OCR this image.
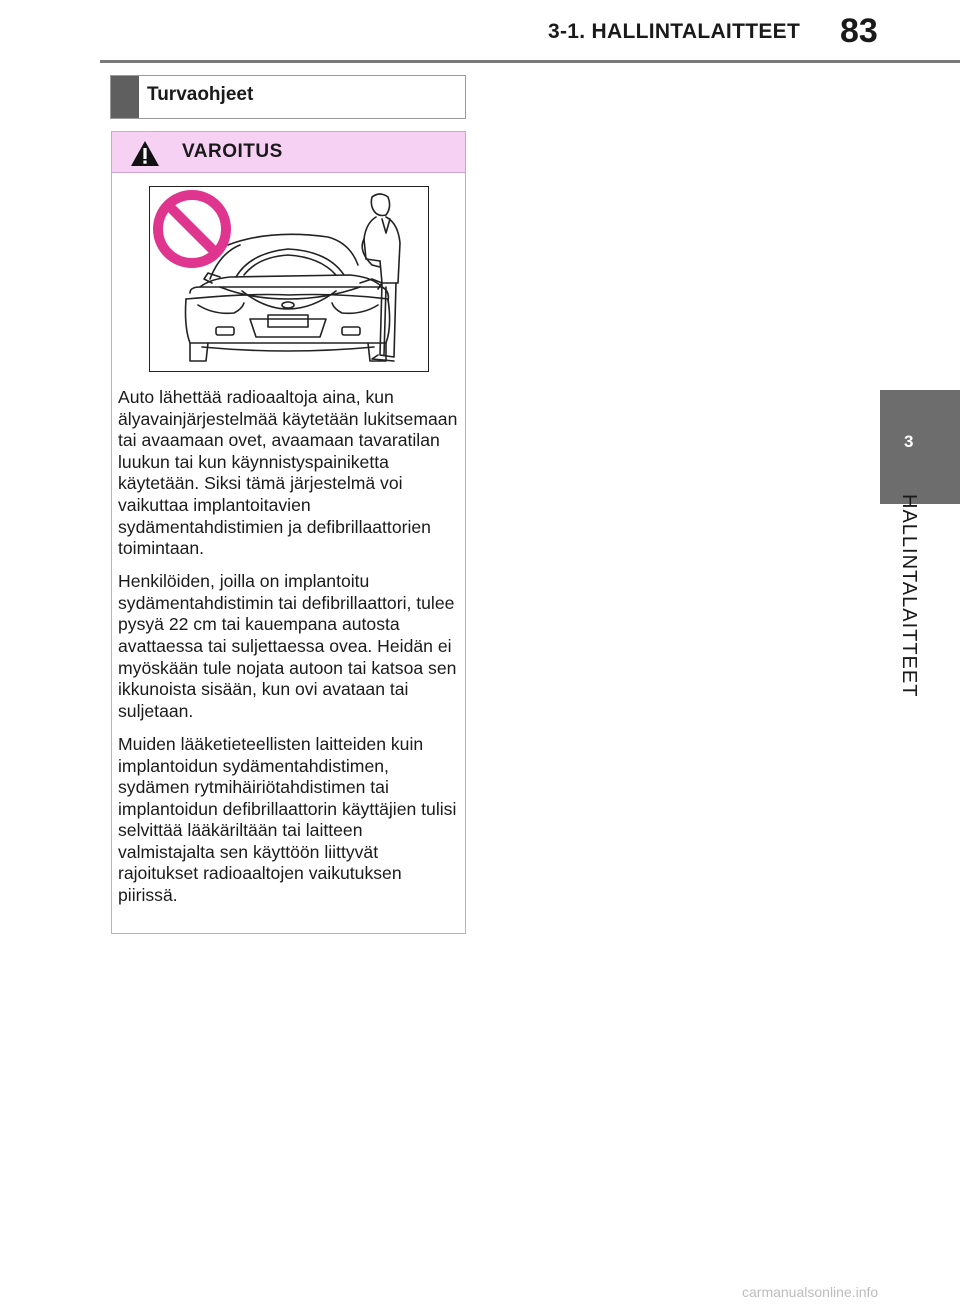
3-1. HALLINTALAITTEET 83
3
HALLINTALAITTEET
Turvaohjeet
VAROITUS

Auto lähettää radioaaltoja aina, kun älyavainjärjestelmää käytetään lukitsemaan tai avaamaan ovet, avaamaan tavaratilan luukun tai kun käynnistyspainiketta käytetään. Siksi tämä järjestelmä voi vaikuttaa implantoitavien sydämentahdistimien ja defibrillaattorien toimintaan.

Henkilöiden, joilla on implantoitu sydämentahdistimin tai defibrillaattori, tulee pysyä 22 cm tai kauempana autosta avattaessa tai suljettaessa ovea. Heidän ei myöskään tule nojata autoon tai katsoa sen ikkunoista sisään, kun ovi avataan tai suljetaan.

Muiden lääketieteellisten laitteiden kuin implantoidun sydämentahdistimen, sydämen rytmihäiriötahdistimen tai implantoidun defibrillaattorin käyttäjien tulisi selvittää lääkäriltään tai laitteen valmistajalta sen käyttöön liittyvät rajoitukset radioaaltojen vaikutuksen piirissä.

carmanualsonline.info
